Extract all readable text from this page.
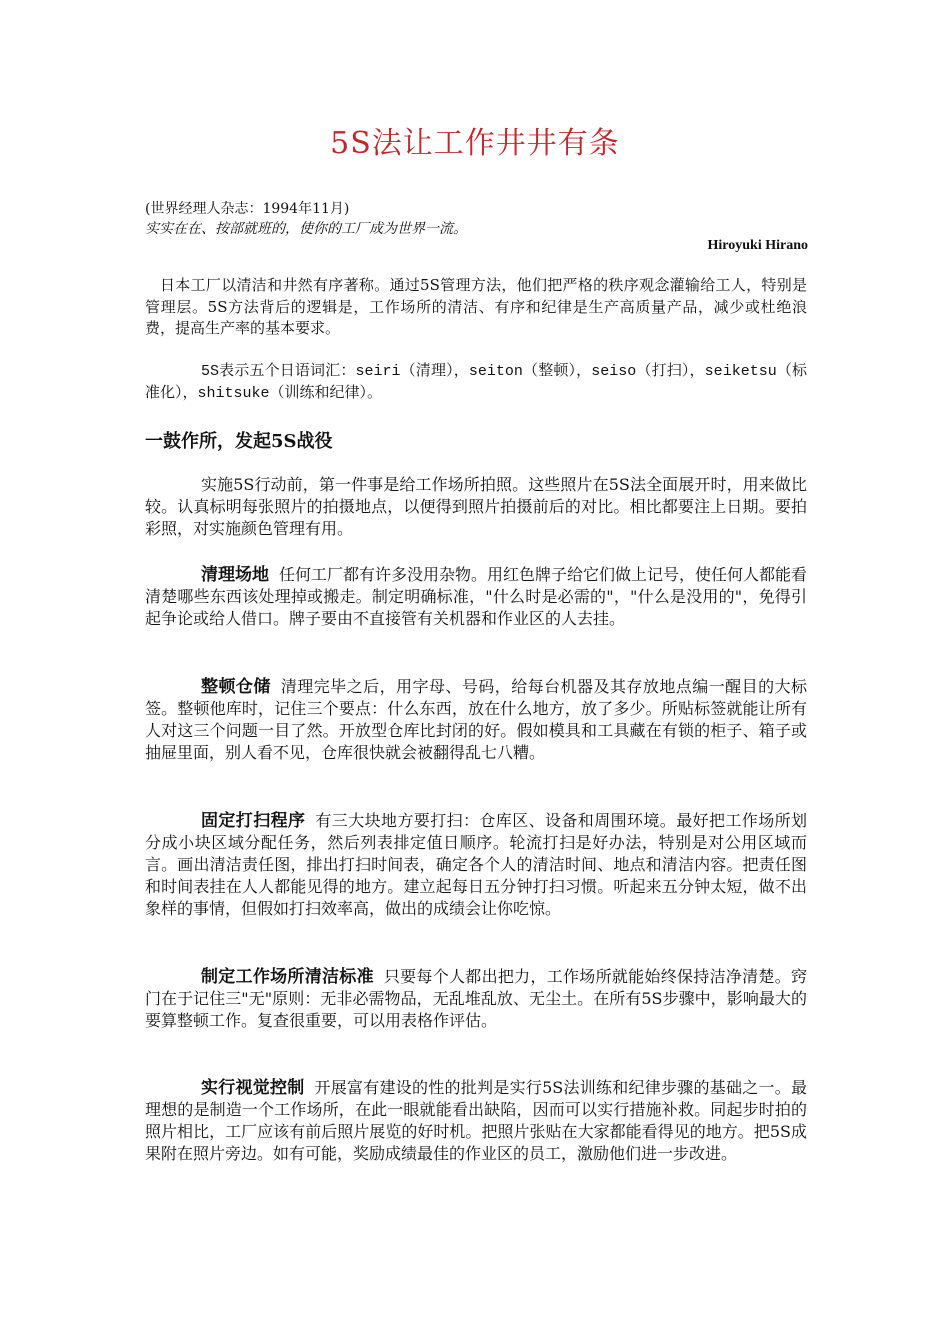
5S法让工作井井有条
(世界经理人杂志：1994年11月)
实实在在、按部就班的，使你的工厂成为世界一流。
Hiroyuki Hirano

日本工厂以清洁和井然有序著称。通过5S管理方法，他们把严格的秩序观念灌输给工人，特别是管理层。5S方法背后的逻辑是，工作场所的清洁、有序和纪律是生产高质量产品，减少或杜绝浪费，提高生产率的基本要求。

5S表示五个日语词汇：seiri（清理），seiton（整顿），seiso（打扫），seiketsu（标准化），shitsuke（训练和纪律）。

一鼓作所，发起5S战役

实施5S行动前，第一件事是给工作场所拍照。这些照片在5S法全面展开时，用来做比较。认真标明每张照片的拍摄地点，以便得到照片拍摄前后的对比。相比都要注上日期。要拍彩照，对实施颜色管理有用。

清理场地 任何工厂都有许多没用杂物。用红色牌子给它们做上记号，使任何人都能看清楚哪些东西该处理掉或搬走。制定明确标准，"什么时是必需的"，"什么是没用的"，免得引起争论或给人借口。牌子要由不直接管有关机器和作业区的人去挂。

整顿仓储 清理完毕之后，用字母、号码，给每台机器及其存放地点编一醒目的大标签。整顿他库时，记住三个要点：什么东西，放在什么地方，放了多少。所贴标签就能让所有人对这三个问题一目了然。开放型仓库比封闭的好。假如模具和工具藏在有锁的柜子、箱子或抽屉里面，别人看不见，仓库很快就会被翻得乱七八糟。

固定打扫程序 有三大块地方要打扫：仓库区、设备和周围环境。最好把工作场所划分成小块区域分配任务，然后列表排定值日顺序。轮流打扫是好办法，特别是对公用区域而言。画出清洁责任图，排出打扫时间表，确定各个人的清洁时间、地点和清洁内容。把责任图和时间表挂在人人都能见得的地方。建立起每日五分钟打扫习惯。听起来五分钟太短，做不出象样的事情，但假如打扫效率高，做出的成绩会让你吃惊。

制定工作场所清洁标准 只要每个人都出把力，工作场所就能始终保持洁净清楚。窍门在于记住三"无"原则：无非必需物品，无乱堆乱放、无尘土。在所有5S步骤中，影响最大的要算整顿工作。复查很重要，可以用表格作评估。

实行视觉控制 开展富有建设的性的批判是实行5S法训练和纪律步骤的基础之一。最理想的是制造一个工作场所，在此一眼就能看出缺陷，因而可以实行措施补救。同起步时拍的照片相比，工厂应该有前后照片展览的好时机。把照片张贴在大家都能看得见的地方。把5S成果附在照片旁边。如有可能，奖励成绩最佳的作业区的员工，激励他们进一步改进。
